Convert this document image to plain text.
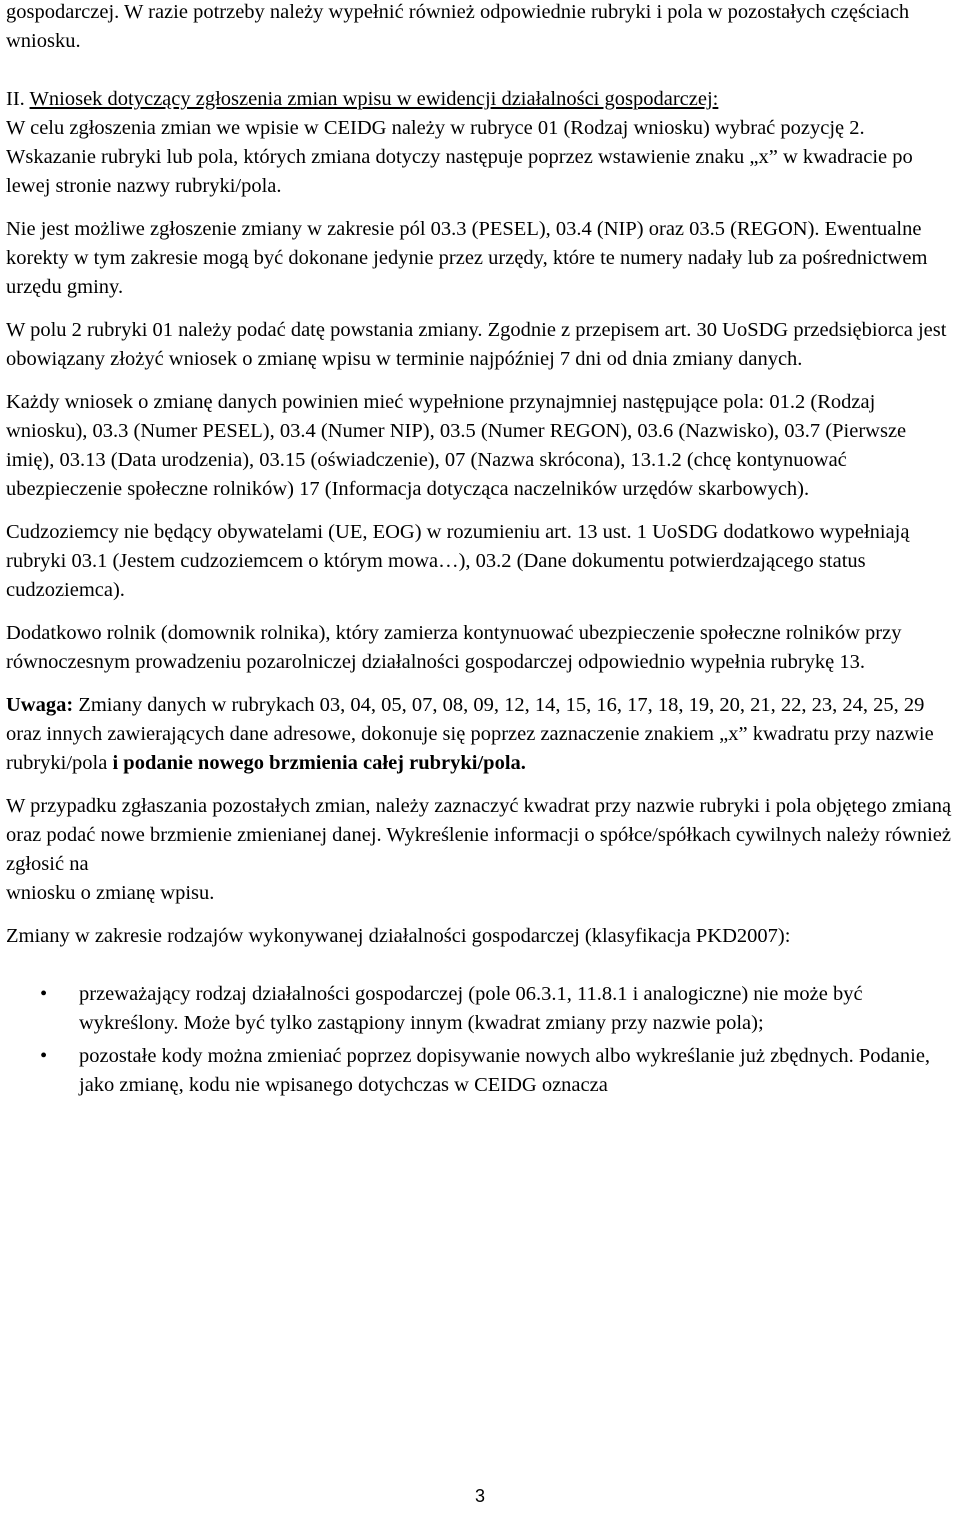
gospodarczej. W razie potrzeby należy wypełnić również odpowiednie rubryki i pola w pozostałych częściach wniosku.

II. Wniosek dotyczący zgłoszenia zmian wpisu w ewidencji działalności gospodarczej:

W celu zgłoszenia zmian we wpisie w CEIDG należy w rubryce 01 (Rodzaj wniosku) wybrać pozycję 2. Wskazanie rubryki lub pola, których zmiana dotyczy następuje poprzez wstawienie znaku „x” w kwadracie po lewej stronie nazwy rubryki/pola.

Nie jest możliwe zgłoszenie zmiany w zakresie pól 03.3 (PESEL), 03.4 (NIP) oraz 03.5 (REGON). Ewentualne korekty w tym zakresie mogą być dokonane jedynie przez urzędy, które te numery nadały lub za pośrednictwem urzędu gminy.

W polu 2 rubryki 01 należy podać datę powstania zmiany. Zgodnie z przepisem art. 30 UoSDG przedsiębiorca jest obowiązany złożyć wniosek o zmianę wpisu w terminie najpóźniej 7 dni od dnia zmiany danych.

Każdy wniosek o zmianę danych powinien mieć wypełnione przynajmniej następujące pola: 01.2 (Rodzaj wniosku), 03.3 (Numer PESEL), 03.4 (Numer NIP), 03.5 (Numer REGON), 03.6 (Nazwisko), 03.7 (Pierwsze imię), 03.13 (Data urodzenia), 03.15 (oświadczenie), 07 (Nazwa skrócona), 13.1.2 (chcę kontynuować ubezpieczenie społeczne rolników) 17 (Informacja dotycząca naczelników urzędów skarbowych).

Cudzoziemcy nie będący obywatelami (UE, EOG) w rozumieniu art. 13 ust. 1 UoSDG dodatkowo wypełniają rubryki 03.1 (Jestem cudzoziemcem o którym mowa…), 03.2 (Dane dokumentu potwierdzającego status cudzoziemca).

Dodatkowo rolnik (domownik rolnika), który zamierza kontynuować ubezpieczenie społeczne rolników przy równoczesnym prowadzeniu pozarolniczej działalności gospodarczej odpowiednio wypełnia rubrykę 13.

Uwaga: Zmiany danych w rubrykach 03, 04, 05, 07, 08, 09, 12, 14, 15, 16, 17, 18, 19, 20, 21, 22, 23, 24, 25, 29 oraz innych zawierających dane adresowe, dokonuje się poprzez zaznaczenie znakiem „x” kwadratu przy nazwie rubryki/pola i podanie nowego brzmienia całej rubryki/pola.

W przypadku zgłaszania pozostałych zmian, należy zaznaczyć kwadrat przy nazwie rubryki i pola objętego zmianą oraz podać nowe brzmienie zmienianej danej. Wykreślenie informacji o spółce/spółkach cywilnych należy również zgłosić na
wniosku o zmianę wpisu.

Zmiany w zakresie rodzajów wykonywanej działalności gospodarczej (klasyfikacja PKD2007):

• przeważający rodzaj działalności gospodarczej (pole 06.3.1, 11.8.1 i analogiczne) nie może być wykreślony. Może być tylko zastąpiony innym (kwadrat zmiany przy nazwie pola);
• pozostałe kody można zmieniać poprzez dopisywanie nowych albo wykreślanie już zbędnych. Podanie, jako zmianę, kodu nie wpisanego dotychczas w CEIDG oznacza
3
